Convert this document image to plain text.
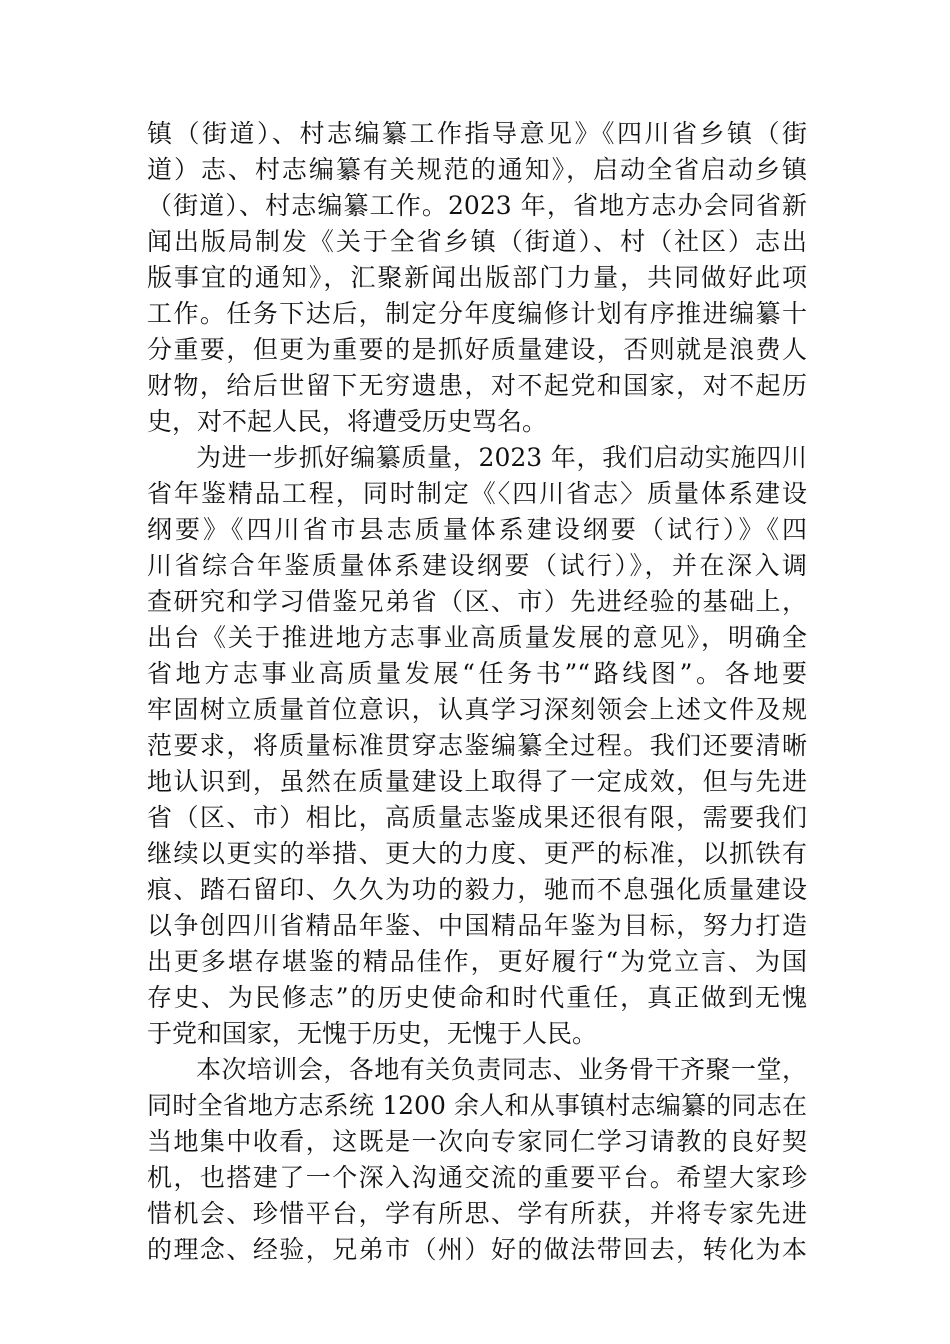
镇（街道）、村志编纂工作指导意见》《四川省乡镇（街
道）志、村志编纂有关规范的通知》，启动全省启动乡镇
（街道）、村志编纂工作。2023 年，省地方志办会同省新
闻出版局制发《关于全省乡镇（街道）、村（社区）志出
版事宜的通知》，汇聚新闻出版部门力量，共同做好此项
工作。任务下达后，制定分年度编修计划有序推进编纂十
分重要，但更为重要的是抓好质量建设，否则就是浪费人
财物，给后世留下无穷遗患，对不起党和国家，对不起历
史，对不起人民，将遭受历史骂名。
为进一步抓好编纂质量，2023 年，我们启动实施四川
省年鉴精品工程，同时制定《〈四川省志〉质量体系建设
纲要》《四川省市县志质量体系建设纲要（试行）》《四
川省综合年鉴质量体系建设纲要（试行）》，并在深入调
查研究和学习借鉴兄弟省（区、市）先进经验的基础上，
出台《关于推进地方志事业高质量发展的意见》，明确全
省地方志事业高质量发展“任务书”“路线图”。各地要
牢固树立质量首位意识，认真学习深刻领会上述文件及规
范要求，将质量标准贯穿志鉴编纂全过程。我们还要清晰
地认识到，虽然在质量建设上取得了一定成效，但与先进
省（区、市）相比，高质量志鉴成果还很有限，需要我们
继续以更实的举措、更大的力度、更严的标准，以抓铁有
痕、踏石留印、久久为功的毅力，驰而不息强化质量建设
以争创四川省精品年鉴、中国精品年鉴为目标，努力打造
出更多堪存堪鉴的精品佳作，更好履行“为党立言、为国
存史、为民修志”的历史使命和时代重任，真正做到无愧
于党和国家，无愧于历史，无愧于人民。
本次培训会，各地有关负责同志、业务骨干齐聚一堂，
同时全省地方志系统 1200 余人和从事镇村志编纂的同志在
当地集中收看，这既是一次向专家同仁学习请教的良好契
机，也搭建了一个深入沟通交流的重要平台。希望大家珍
惜机会、珍惜平台，学有所思、学有所获，并将专家先进
的理念、经验，兄弟市（州）好的做法带回去，转化为本
